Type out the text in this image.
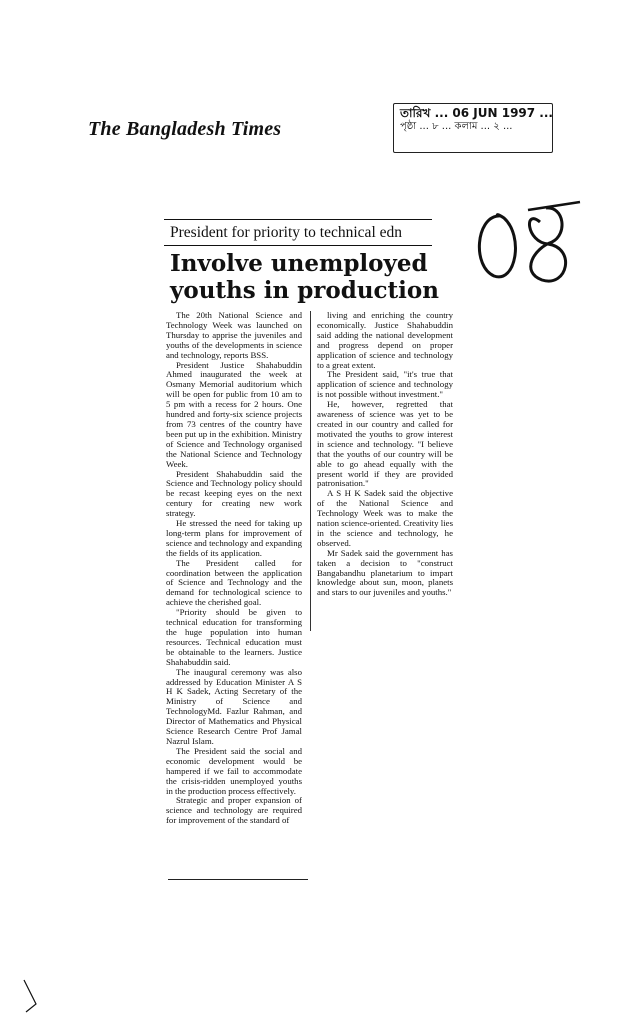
The Bangladesh Times
তারিখ ... 06 JUN 1997 ...
পৃষ্ঠা ... ৮ ... কলাম ... ২ ...
President for priority to technical edn
Involve unemployed
youths in production

The 20th National Science and Technology Week was launched on Thursday to apprise the juveniles and youths of the developments in science and technology, reports BSS.

President Justice Shahabuddin Ahmed inaugurated the week at Osmany Memorial auditorium which will be open for public from 10 am to 5 pm with a recess for 2 hours. One hundred and forty-six science projects from 73 centres of the country have been put up in the exhibition. Ministry of Science and Technology organised the National Science and Technology Week.

President Shahabuddin said the Science and Technology policy should be recast keeping eyes on the next century for creating new work strategy.

He stressed the need for taking up long-term plans for improvement of science and technology and expanding the fields of its application.

The President called for coordination between the application of Science and Technology and the demand for technological science to achieve the cherished goal.

"Priority should be given to technical education for transforming the huge population into human resources. Technical education must be obtainable to the learners. Justice Shahabuddin said.

The inaugural ceremony was also addressed by Education Minister A S H K Sadek, Acting Secretary of the Ministry of Science and TechnologyMd. Fazlur Rahman, and Director of Mathematics and Physical Science Research Centre Prof Jamal Nazrul Islam.

The President said the social and economic development would be hampered if we fail to accommodate the crisis-ridden unemployed youths in the production process effectively.

Strategic and proper expansion of science and technology are required for improvement of the standard of

living and enriching the country economically. Justice Shahabuddin said adding the national development and progress depend on proper application of science and technology to a great extent.

The President said, "it's true that application of science and technology is not possible without investment."

He, however, regretted that awareness of science was yet to be created in our country and called for motivated the youths to grow interest in science and technology. "I believe that the youths of our country will be able to go ahead equally with the present world if they are provided patronisation."

A S H K Sadek said the objective of the National Science and Technology Week was to make the nation science-oriented. Creativity lies in the science and technology, he observed.

Mr Sadek said the government has taken a decision to "construct Bangabandhu planetarium to impart knowledge about sun, moon, planets and stars to our juveniles and youths."
